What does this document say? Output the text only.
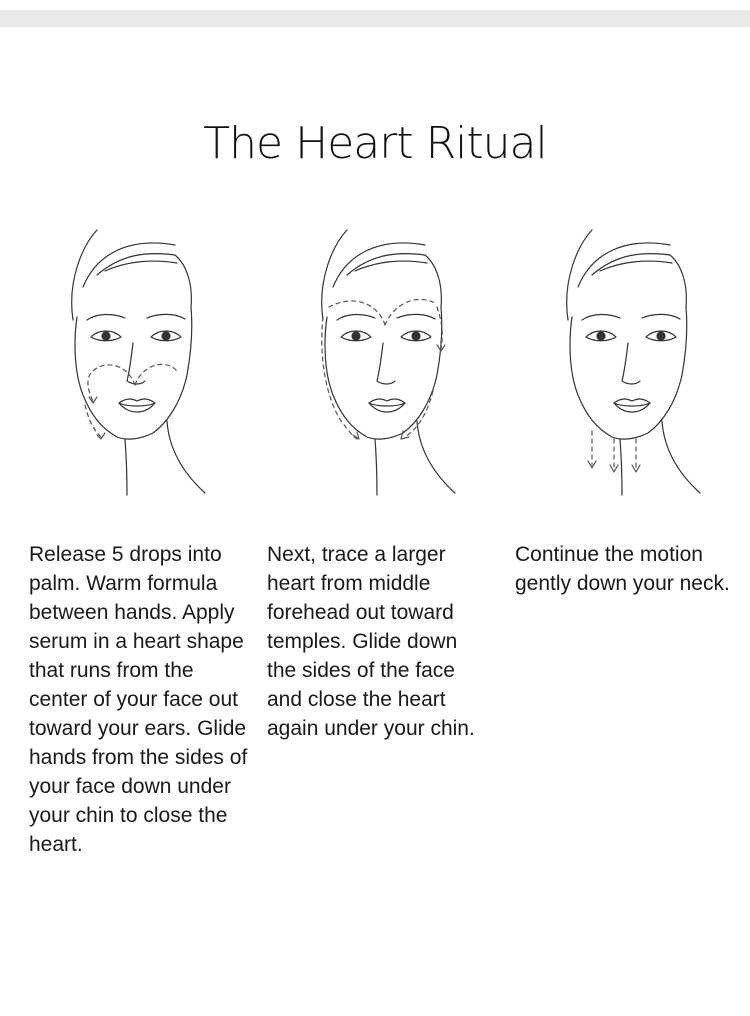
The Heart Ritual

Release 5 drops into palm. Warm formula between hands. Apply serum in a heart shape that runs from the center of your face out toward your ears. Glide hands from the sides of your face down under your chin to close the heart.

Next, trace a larger heart from middle forehead out toward temples. Glide down the sides of the face and close the heart again under your chin.

Continue the motion gently down your neck.
